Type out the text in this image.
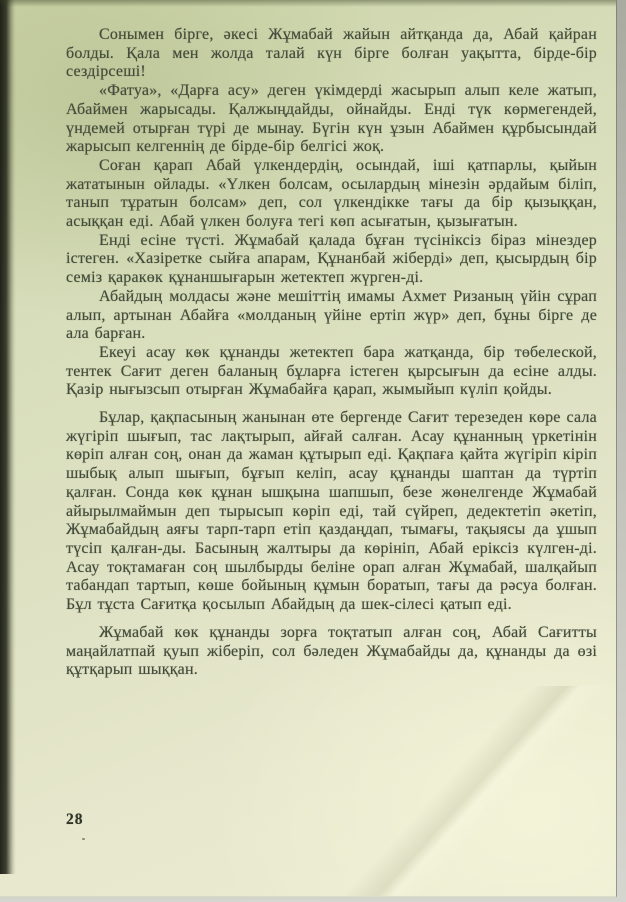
Сонымен бірге, әкесі Жұмабай жайын айтқанда да, Абай қайран болды. Қала мен жолда талай күн бірге болған уақытта, бірде-бір сездірсеші!

«Фатуа», «Дарға асу» деген үкімдерді жасырып алып келе жатып, Абаймен жарысады. Қалжыңдайды, ойнайды. Енді түк көрмегендей, үндемей отырған түрі де мынау. Бүгін күн ұзын Абаймен құрбысындай жарысып келгеннің де бірде-бір белгісі жоқ.

Соған қарап Абай үлкендердің, осындай, іші қатпарлы, қыйын жататынын ойлады. «Үлкен болсам, осылардың мінезін әрдайым біліп, танып тұратын болсам» деп, сол үлкендікке тағы да бір қызыққан, асыққан еді. Абай үлкен болуға тегі көп асығатын, қызығатын.

Енді есіне түсті. Жұмабай қалада бұған түсініксіз біраз мінездер істеген. «Хазіретке сыйға апарам, Құнанбай жіберді» деп, қысырдың бір семіз қаракөк құнаншығарын жетектеп жүрген-ді.

Абайдың молдасы және мешіттің имамы Ахмет Ризаның үйін сұрап алып, артынан Абайға «молданың үйіне ертіп жүр» деп, бұны бірге де ала барған.

Екеуі асау көк құнанды жетектеп бара жатқанда, бір төбелеской, тентек Сағит деген баланың бұларға істеген қырсығын да есіне алды. Қазір нығызсып отырған Жұмабайға қарап, жымыйып күліп қойды.

Бұлар, қақпасының жанынан өте бергенде Сағит терезеден көре сала жүгіріп шығып, тас лақтырып, айғай салған. Асау құнанның үркетінін көріп алған соң, онан да жаман құтырып еді. Қақпаға қайта жүгіріп кіріп шыбық алып шығып, бұғып келіп, асау құнанды шаптан да түртіп қалған. Сонда көк құнан ышқына шапшып, безе жөнелгенде Жұмабай айырылмаймын деп тырысып көріп еді, тай сүйреп, дедектетіп әкетіп, Жұмабайдың аяғы тарп-тарп етіп қаздаңдап, тымағы, тақыясы да ұшып түсіп қалған-ды. Басының жалтыры да көрініп, Абай еріксіз күлген-ді. Асау тоқтамаған соң шылбырды беліне орап алған Жұмабай, шалқайып табандап тартып, көше бойының құмын боратып, тағы да рәсуа болған. Бұл тұста Сағитқа қосылып Абайдың да шек-сілесі қатып еді.

Жұмабай көк құнанды зорға тоқтатып алған соң, Абай Сағитты маңайлатпай қуып жіберіп, сол бәледен Жұмабайды да, құнанды да өзі құтқарып шыққан.

28
